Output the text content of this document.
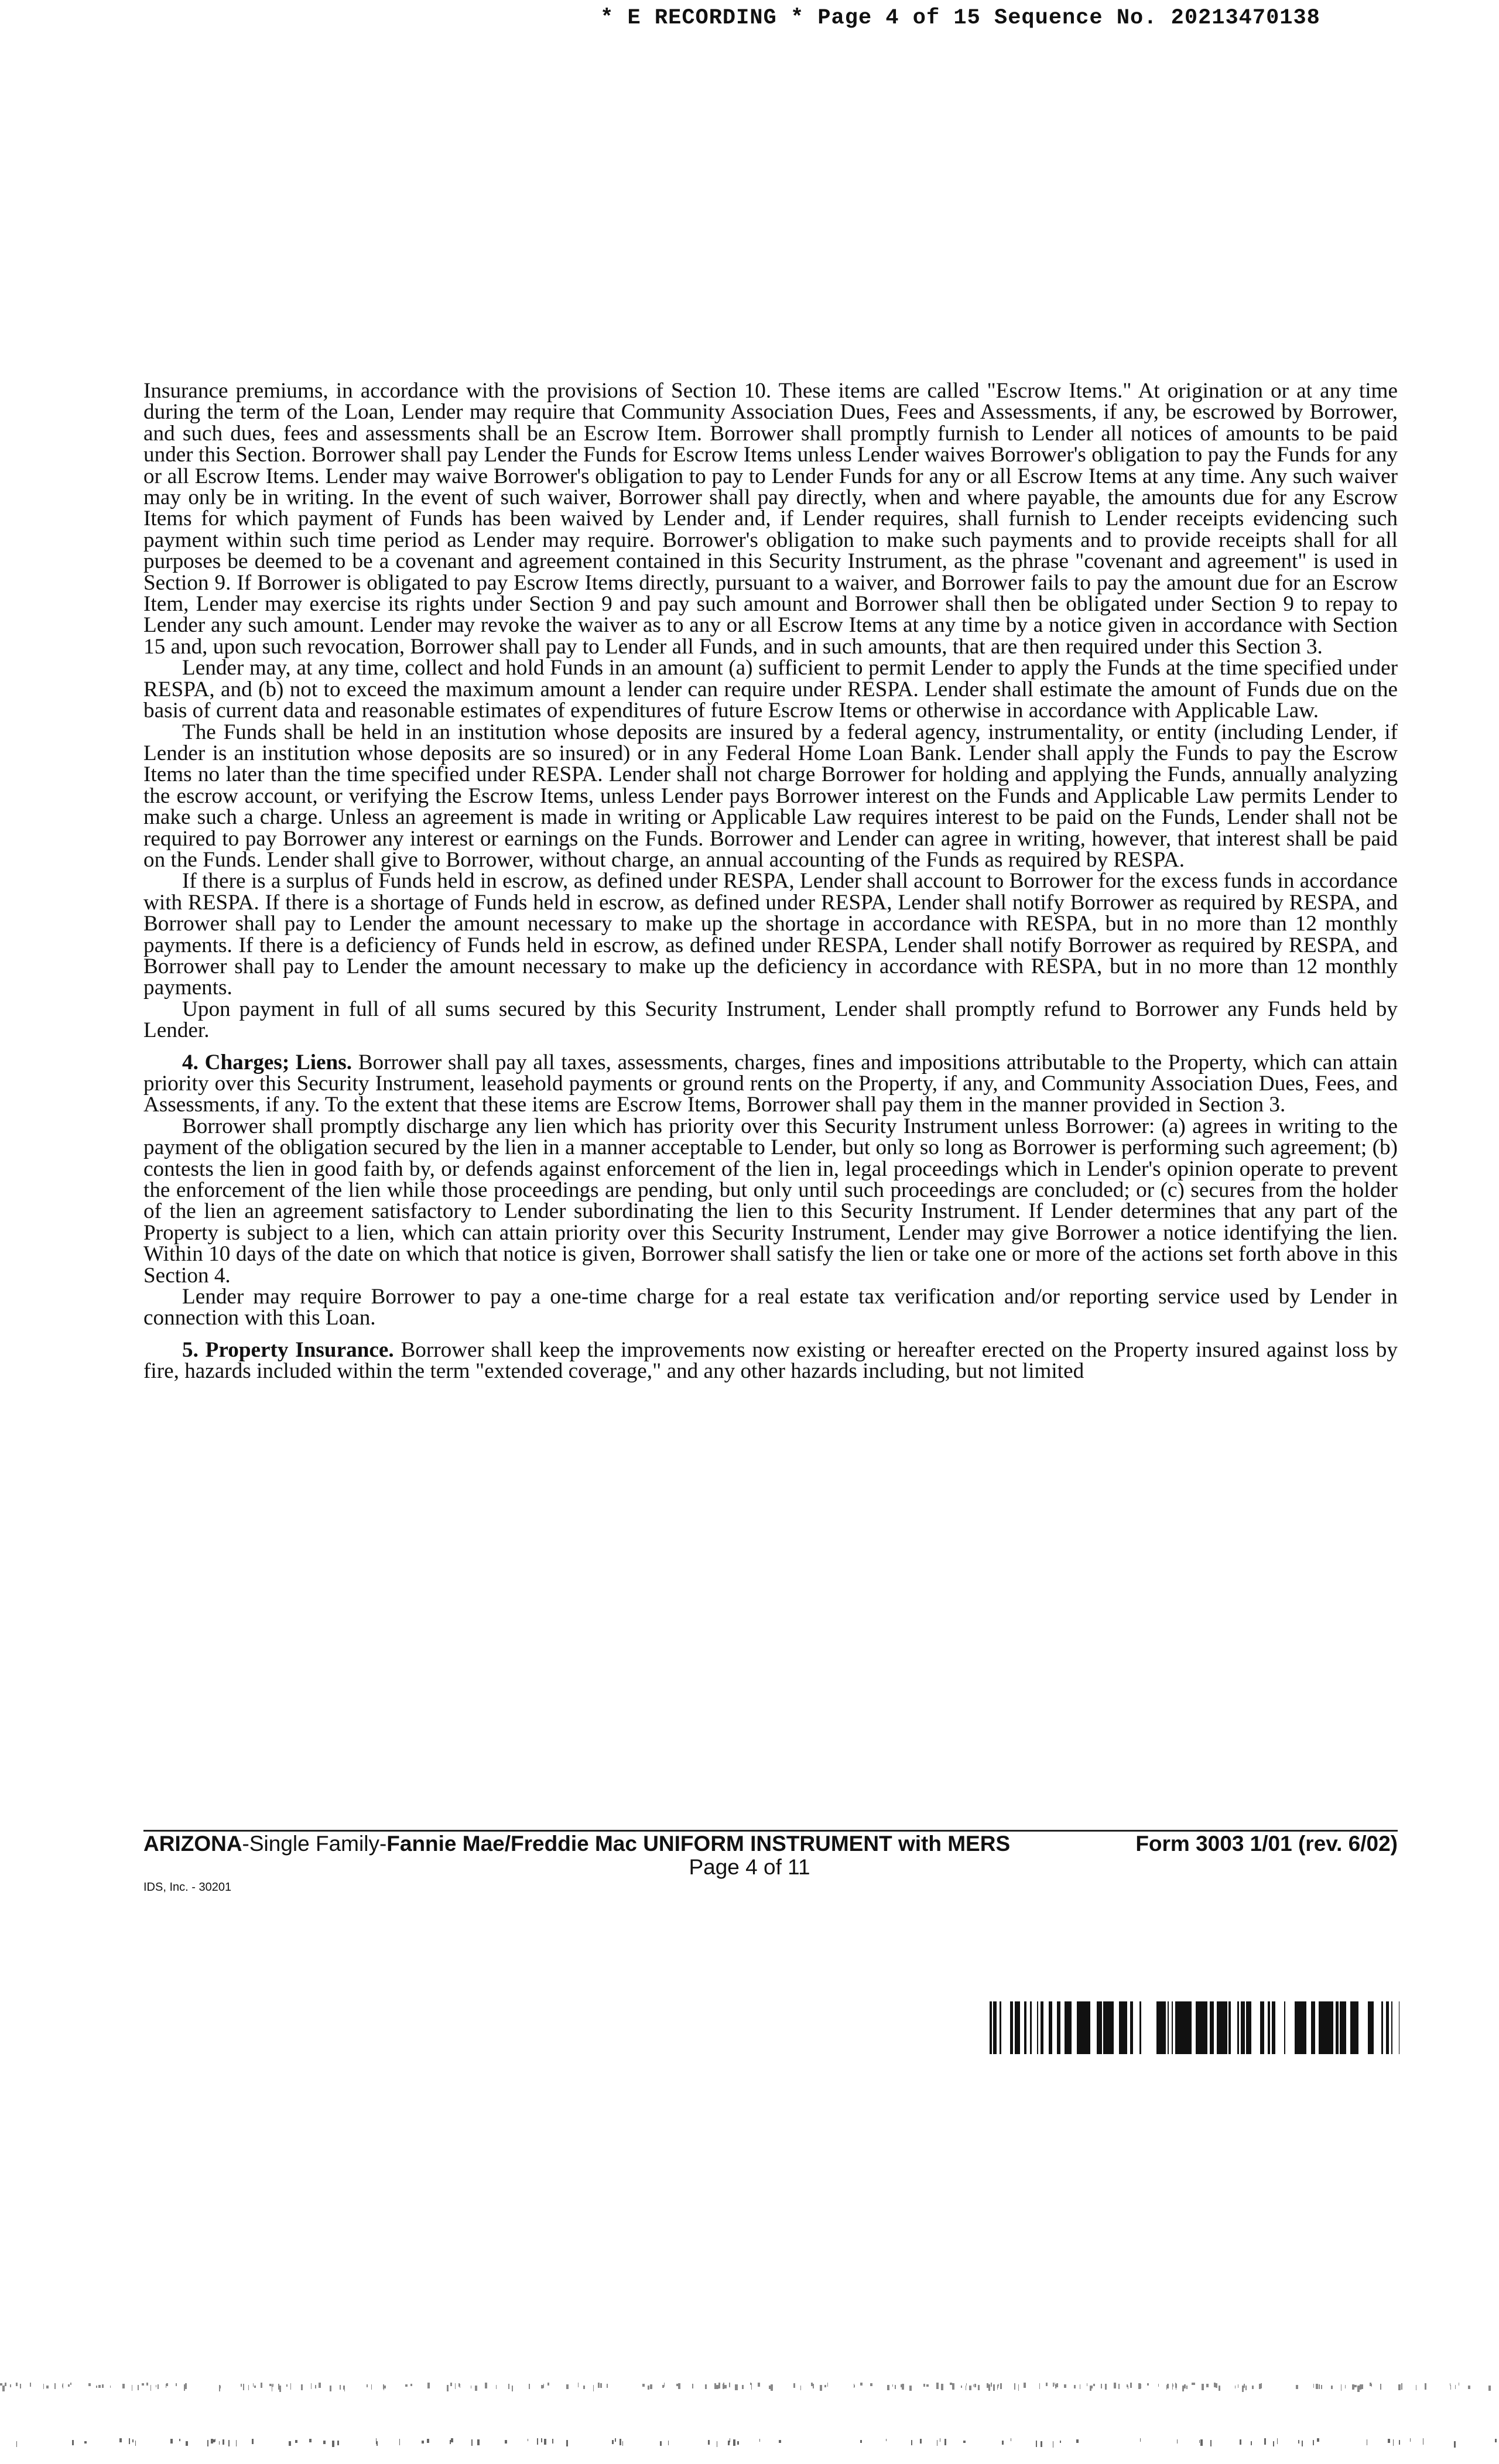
* E RECORDING * Page 4 of 15 Sequence No. 20213470138

Insurance premiums, in accordance with the provisions of Section 10. These items are called "Escrow Items." At origination or at any time during the term of the Loan, Lender may require that Community Association Dues, Fees and Assessments, if any, be escrowed by Borrower, and such dues, fees and assessments shall be an Escrow Item. Borrower shall promptly furnish to Lender all notices of amounts to be paid under this Section. Borrower shall pay Lender the Funds for Escrow Items unless Lender waives Borrower's obligation to pay the Funds for any or all Escrow Items. Lender may waive Borrower's obligation to pay to Lender Funds for any or all Escrow Items at any time. Any such waiver may only be in writing. In the event of such waiver, Borrower shall pay directly, when and where payable, the amounts due for any Escrow Items for which payment of Funds has been waived by Lender and, if Lender requires, shall furnish to Lender receipts evidencing such payment within such time period as Lender may require. Borrower's obligation to make such payments and to provide receipts shall for all purposes be deemed to be a covenant and agreement contained in this Security Instrument, as the phrase "covenant and agreement" is used in Section 9. If Borrower is obligated to pay Escrow Items directly, pursuant to a waiver, and Borrower fails to pay the amount due for an Escrow Item, Lender may exercise its rights under Section 9 and pay such amount and Borrower shall then be obligated under Section 9 to repay to Lender any such amount. Lender may revoke the waiver as to any or all Escrow Items at any time by a notice given in accordance with Section 15 and, upon such revocation, Borrower shall pay to Lender all Funds, and in such amounts, that are then required under this Section 3.

Lender may, at any time, collect and hold Funds in an amount (a) sufficient to permit Lender to apply the Funds at the time specified under RESPA, and (b) not to exceed the maximum amount a lender can require under RESPA. Lender shall estimate the amount of Funds due on the basis of current data and reasonable estimates of expenditures of future Escrow Items or otherwise in accordance with Applicable Law.

The Funds shall be held in an institution whose deposits are insured by a federal agency, instrumentality, or entity (including Lender, if Lender is an institution whose deposits are so insured) or in any Federal Home Loan Bank. Lender shall apply the Funds to pay the Escrow Items no later than the time specified under RESPA. Lender shall not charge Borrower for holding and applying the Funds, annually analyzing the escrow account, or verifying the Escrow Items, unless Lender pays Borrower interest on the Funds and Applicable Law permits Lender to make such a charge. Unless an agreement is made in writing or Applicable Law requires interest to be paid on the Funds, Lender shall not be required to pay Borrower any interest or earnings on the Funds. Borrower and Lender can agree in writing, however, that interest shall be paid on the Funds. Lender shall give to Borrower, without charge, an annual accounting of the Funds as required by RESPA.

If there is a surplus of Funds held in escrow, as defined under RESPA, Lender shall account to Borrower for the excess funds in accordance with RESPA. If there is a shortage of Funds held in escrow, as defined under RESPA, Lender shall notify Borrower as required by RESPA, and Borrower shall pay to Lender the amount necessary to make up the shortage in accordance with RESPA, but in no more than 12 monthly payments. If there is a deficiency of Funds held in escrow, as defined under RESPA, Lender shall notify Borrower as required by RESPA, and Borrower shall pay to Lender the amount necessary to make up the deficiency in accordance with RESPA, but in no more than 12 monthly payments.

Upon payment in full of all sums secured by this Security Instrument, Lender shall promptly refund to Borrower any Funds held by Lender.

4. Charges; Liens. Borrower shall pay all taxes, assessments, charges, fines and impositions attributable to the Property, which can attain priority over this Security Instrument, leasehold payments or ground rents on the Property, if any, and Community Association Dues, Fees, and Assessments, if any. To the extent that these items are Escrow Items, Borrower shall pay them in the manner provided in Section 3.

Borrower shall promptly discharge any lien which has priority over this Security Instrument unless Borrower: (a) agrees in writing to the payment of the obligation secured by the lien in a manner acceptable to Lender, but only so long as Borrower is performing such agreement; (b) contests the lien in good faith by, or defends against enforcement of the lien in, legal proceedings which in Lender's opinion operate to prevent the enforcement of the lien while those proceedings are pending, but only until such proceedings are concluded; or (c) secures from the holder of the lien an agreement satisfactory to Lender subordinating the lien to this Security Instrument. If Lender determines that any part of the Property is subject to a lien, which can attain priority over this Security Instrument, Lender may give Borrower a notice identifying the lien. Within 10 days of the date on which that notice is given, Borrower shall satisfy the lien or take one or more of the actions set forth above in this Section 4.

Lender may require Borrower to pay a one-time charge for a real estate tax verification and/or reporting service used by Lender in connection with this Loan.

5. Property Insurance. Borrower shall keep the improvements now existing or hereafter erected on the Property insured against loss by fire, hazards included within the term "extended coverage," and any other hazards including, but not limited

ARIZONA-Single Family-Fannie Mae/Freddie Mac UNIFORM INSTRUMENT with MERS	Form 3003 1/01 (rev. 6/02)
Page 4 of 11
IDS, Inc. - 30201
